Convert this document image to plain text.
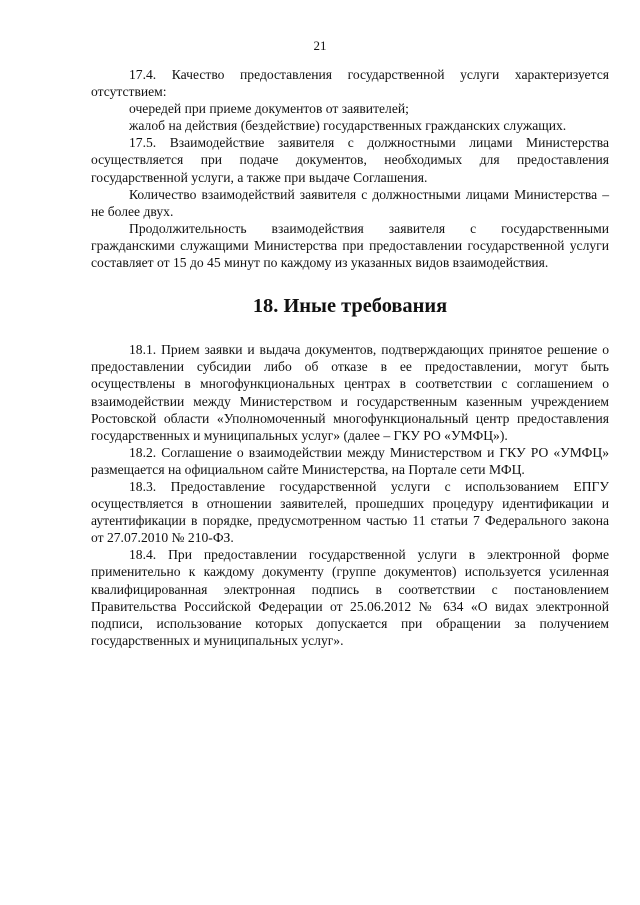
21

17.4. Качество предоставления государственной услуги характеризуется отсутствием:

очередей при приеме документов от заявителей;

жалоб на действия (бездействие) государственных гражданских служащих.

17.5. Взаимодействие заявителя с должностными лицами Министерства осуществляется при подаче документов, необходимых для предоставления государственной услуги, а также при выдаче Соглашения.

Количество взаимодействий заявителя с должностными лицами Министерства – не более двух.

Продолжительность взаимодействия заявителя с государственными гражданскими служащими Министерства при предоставлении государственной услуги составляет от 15 до 45 минут по каждому из указанных видов взаимодействия.

18. Иные требования

18.1. Прием заявки и выдача документов, подтверждающих принятое решение о предоставлении субсидии либо об отказе в ее предоставлении, могут быть осуществлены в многофункциональных центрах в соответствии с соглашением о взаимодействии между Министерством и государственным казенным учреждением Ростовской области «Уполномоченный многофункциональный центр предоставления государственных и муниципальных услуг» (далее – ГКУ РО «УМФЦ»).

18.2. Соглашение о взаимодействии между Министерством и ГКУ РО «УМФЦ» размещается на официальном сайте Министерства, на Портале сети МФЦ.

18.3. Предоставление государственной услуги с использованием ЕПГУ осуществляется в отношении заявителей, прошедших процедуру идентификации и аутентификации в порядке, предусмотренном частью 11 статьи 7 Федерального закона от 27.07.2010 № 210-ФЗ.

18.4. При предоставлении государственной услуги в электронной форме применительно к каждому документу (группе документов) используется усиленная квалифицированная электронная подпись в соответствии с постановлением Правительства Российской Федерации от 25.06.2012 № 634 «О видах электронной подписи, использование которых допускается при обращении за получением государственных и муниципальных услуг».
